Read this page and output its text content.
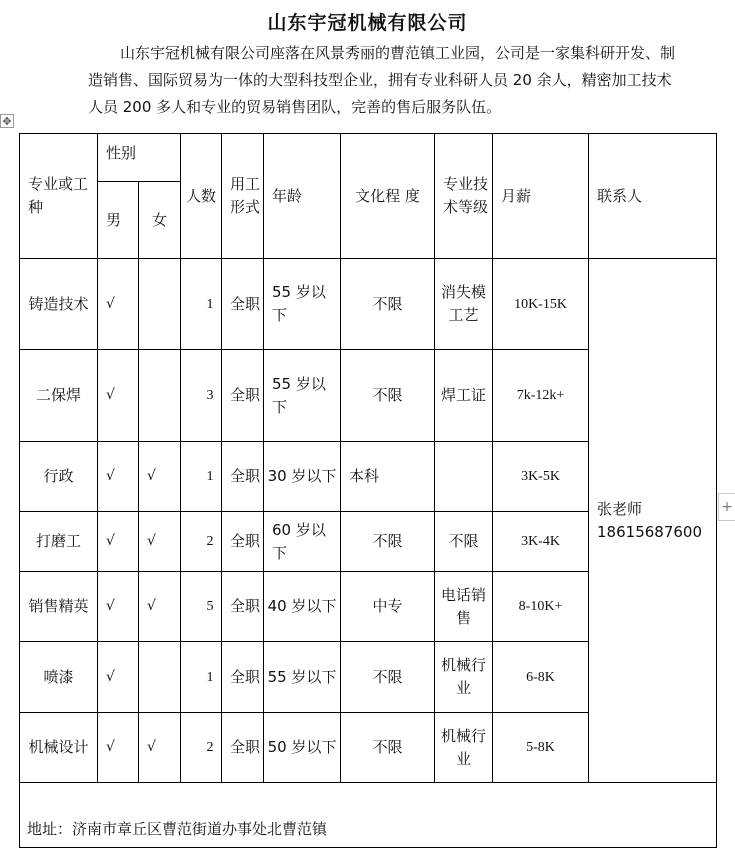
山东宇冠机械有限公司

山东宇冠机械有限公司座落在风景秀丽的曹范镇工业园，公司是一家集科研开发、制造销售、国际贸易为一体的大型科技型企业，拥有专业科研人员 20 余人，精密加工技术人员 200 多人和专业的贸易销售团队，完善的售后服务队伍。

✥
+
专业或工种	性别		人数	用工形式	年龄	文化程 度	专业技术等级	月薪	联系人
	男	女							
铸造技术	√		1	全职	55 岁以下	不限	消失模工艺	10K-15K	张老师
18615687600

二保焊	√		3	全职	55 岁以下	不限	焊工证	7k-12k+	
行政	√	√	1	全职	30 岁以下	本科		3K-5K	
打磨工	√	√	2	全职	60 岁以下	不限	不限	3K-4K	
销售精英	√	√	5	全职	40 岁以下	中专	电话销售	8-10K+	
喷漆	√		1	全职	55 岁以下	不限	机械行业	6-8K	
机械设计	√	√	2	全职	50 岁以下	不限	机械行业	5-8K	

地址：济南市章丘区曹范街道办事处北曹范镇									
